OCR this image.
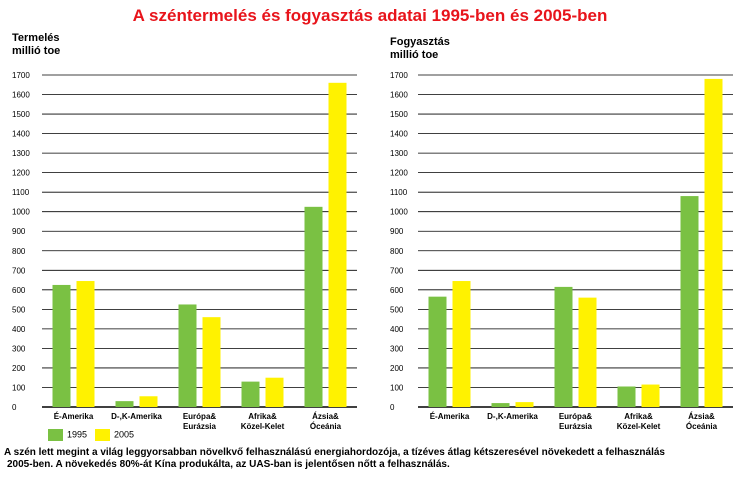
A széntermelés és fogyasztás adatai 1995-ben és 2005-ben
Termelés
millió toe
Fogyasztás
millió toe
0
100
200
300
400
500
600
700
800
900
1000
1100
1200
1300
1400
1500
1600
1700
É-Amerika D-,K-Amerika	Európa&
Eurázsia
Afrika&
Közel-Kelet
Ázsia&
Óceánia
0
100
200
300
400
500
600
700
800
900
1000
1100
1200
1300
1400
1500
1600
1700
É-Amerika D-,K-Amerika	Európa&
Eurázsia
Afrika&
Közel-Kelet
Ázsia&
Óceánia
1995	2005
A szén lett megint a világ leggyorsabban növelkvő felhasználású energiahordozója, a tízéves átlag kétszeresével növekedett a felhasználás
2005-ben. A növekedés 80%-át Kína produkálta, az UAS-ban is jelentősen nőtt a felhasználás.
